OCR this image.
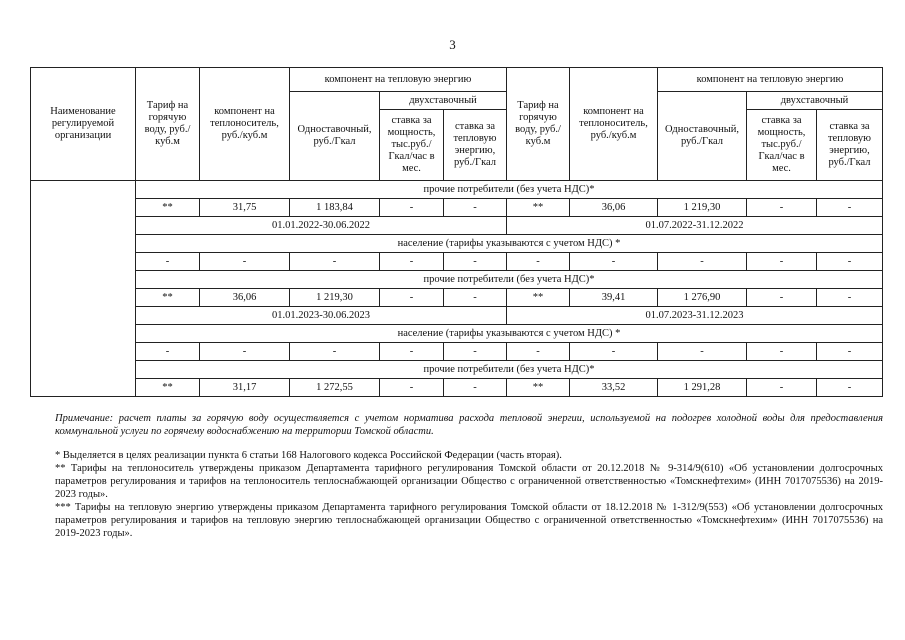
3
Наименование регулируемой организации	Тариф на горячую воду, руб./куб.м	компонент на теплоноситель, руб./куб.м	компонент на тепловую энергию			Тариф на горячую воду, руб./куб.м	компонент на теплоноситель, руб./куб.м	компонент на тепловую энергию		
			Одноставочный, руб./Гкал	двухставочный				Одноставочный, руб./Гкал	двухставочный	
				ставка за мощность, тыс.руб./ Гкал/час в мес.	ставка за тепловую энергию, руб./Гкал				ставка за мощность, тыс.руб./ Гкал/час в мес.	ставка за тепловую энергию, руб./Гкал
	прочие потребители (без учета НДС)*									
	**	31,75	1 183,84	-	-	**	36,06	1 219,30	-	-
	01.01.2022-30.06.2022					01.07.2022-31.12.2022				
	население (тарифы указываются с учетом НДС) *									
	-	-	-	-	-	-	-	-	-	-
	прочие потребители (без учета НДС)*									
	**	36,06	1 219,30	-	-	**	39,41	1 276,90	-	-
	01.01.2023-30.06.2023					01.07.2023-31.12.2023				
	население (тарифы указываются с учетом НДС) *									
	-	-	-	-	-	-	-	-	-	-
	прочие потребители (без учета НДС)*									
	**	31,17	1 272,55	-	-	**	33,52	1 291,28	-	-
Примечание: расчет платы за горячую воду осуществляется с учетом норматива расхода тепловой энергии, используемой на подогрев холодной воды для предоставления коммунальной услуги по горячему водоснабжению на территории Томской области.

* Выделяется в целях реализации пункта 6 статьи 168 Налогового кодекса Российской Федерации (часть вторая).

** Тарифы на теплоноситель утверждены приказом Департамента тарифного регулирования Томской области от 20.12.2018 № 9-314/9(610) «Об установлении долгосрочных параметров регулирования и тарифов на теплоноситель теплоснабжающей организации Общество с ограниченной ответственностью «Томскнефтехим» (ИНН 7017075536) на 2019-2023 годы».

*** Тарифы на тепловую энергию утверждены приказом Департамента тарифного регулирования Томской области от 18.12.2018 № 1-312/9(553) «Об установлении долгосрочных параметров регулирования и тарифов на тепловую энергию теплоснабжающей организации Общество с ограниченной ответственностью «Томскнефтехим» (ИНН 7017075536) на 2019-2023 годы».
